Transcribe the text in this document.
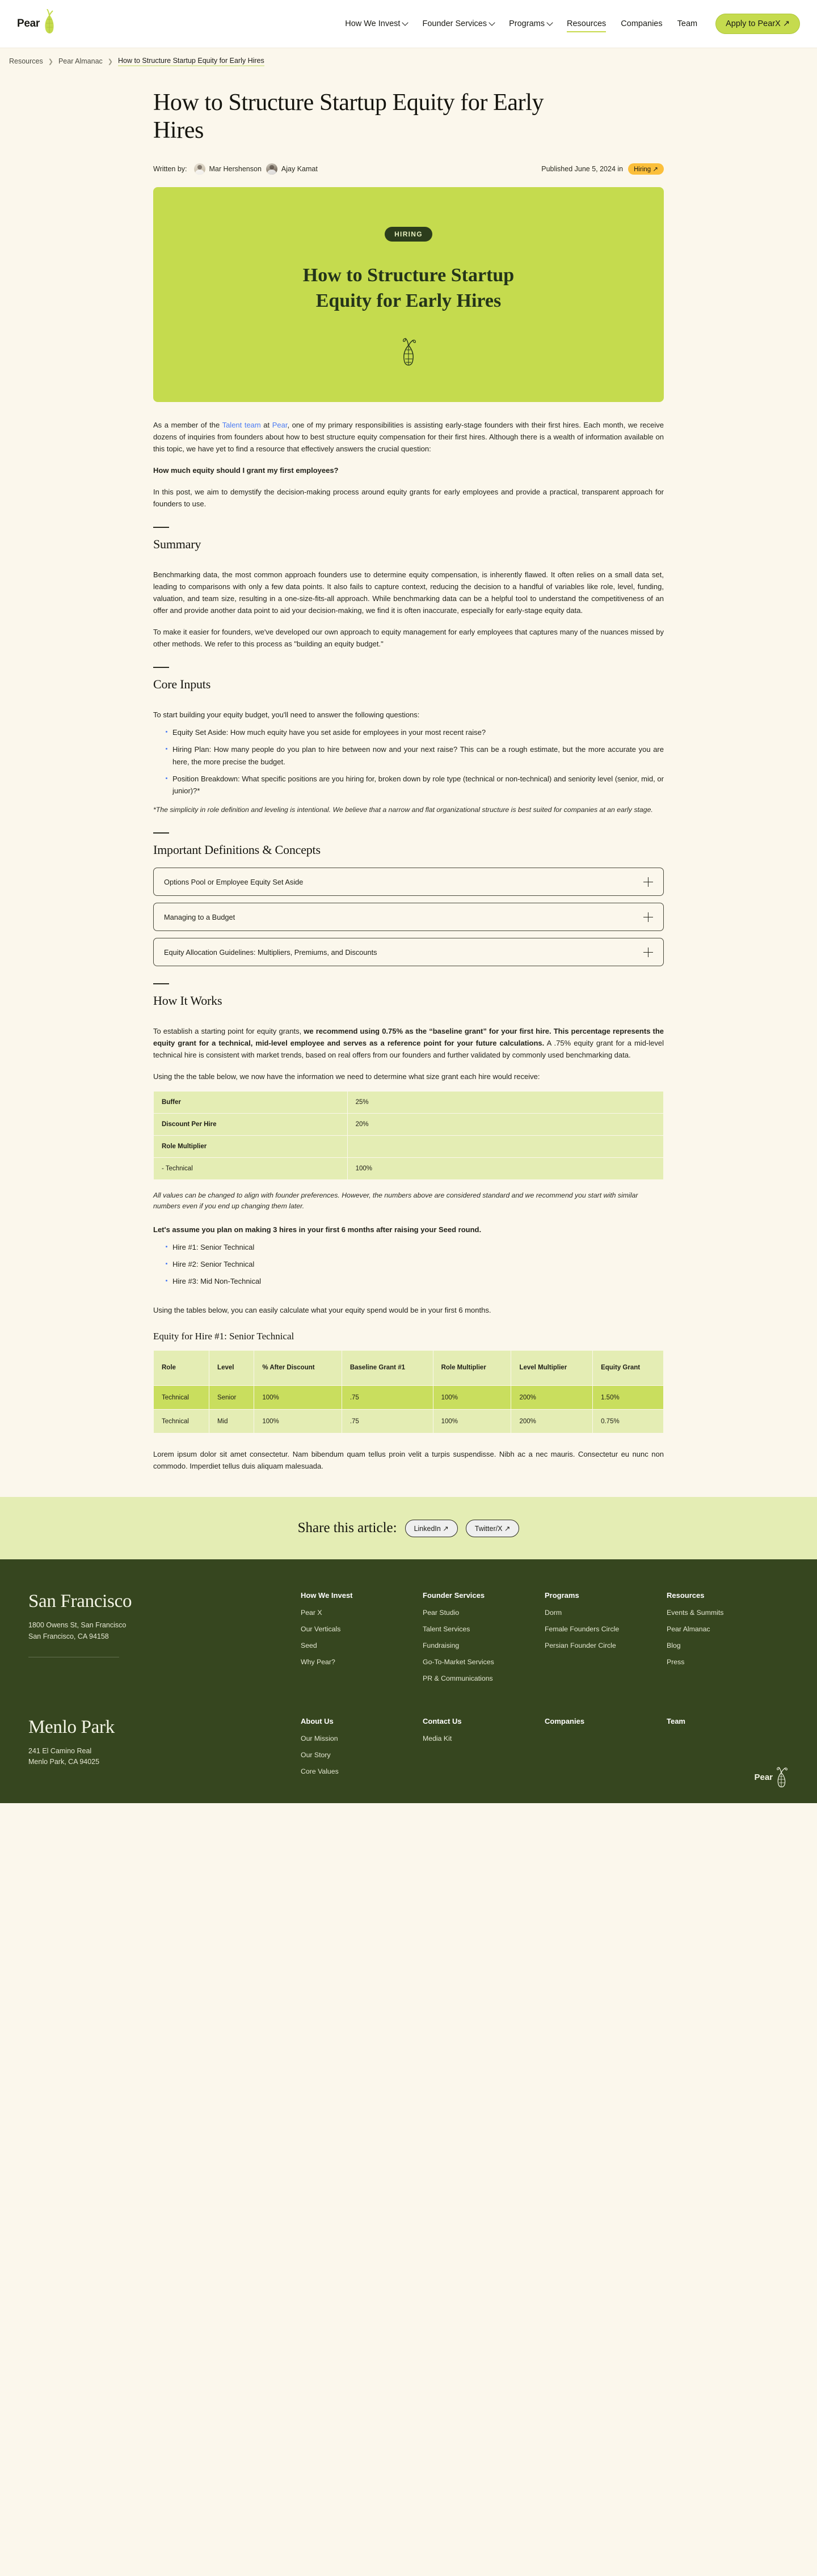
Pear	How We Invest	Founder Services	Programs	Resources Companies Team	Apply to PearX ↗
Resources ❯ Pear Almanac ❯ How to Structure Startup Equity for Early Hires
How to Structure Startup Equity for Early Hires
Written by:	Mar Hershenson	Ajay Kamat	Published June 5, 2024 in	Hiring ↗
HIRING
How to Structure Startup Equity for Early Hires

As a member of the Talent team at Pear, one of my primary responsibilities is assisting early-stage founders with their first hires. Each month, we receive dozens of inquiries from founders about how to best structure equity compensation for their first hires. Although there is a wealth of information available on this topic, we have yet to find a resource that effectively answers the crucial question:

How much equity should I grant my first employees?

In this post, we aim to demystify the decision-making process around equity grants for early employees and provide a practical, transparent approach for founders to use.

Summary

Benchmarking data, the most common approach founders use to determine equity compensation, is inherently flawed. It often relies on a small data set, leading to comparisons with only a few data points. It also fails to capture context, reducing the decision to a handful of variables like role, level, funding, valuation, and team size, resulting in a one-size-fits-all approach. While benchmarking data can be a helpful tool to understand the competitiveness of an offer and provide another data point to aid your decision-making, we find it is often inaccurate, especially for early-stage equity data.

To make it easier for founders, we've developed our own approach to equity management for early employees that captures many of the nuances missed by other methods. We refer to this process as "building an equity budget."

Core Inputs

To start building your equity budget, you'll need to answer the following questions:

Equity Set Aside: How much equity have you set aside for employees in your most recent raise?
Hiring Plan: How many people do you plan to hire between now and your next raise? This can be a rough estimate, but the more accurate you are here, the more precise the budget.
Position Breakdown: What specific positions are you hiring for, broken down by role type (technical or non-technical) and seniority level (senior, mid, or junior)?*

*The simplicity in role definition and leveling is intentional. We believe that a narrow and flat organizational structure is best suited for companies at an early stage.

Important Definitions & Concepts
Options Pool or Employee Equity Set Aside
Managing to a Budget
Equity Allocation Guidelines: Multipliers, Premiums, and Discounts
How It Works

To establish a starting point for equity grants, we recommend using 0.75% as the “baseline grant” for your first hire. This percentage represents the equity grant for a technical, mid-level employee and serves as a reference point for your future calculations. A .75% equity grant for a mid-level technical hire is consistent with market trends, based on real offers from our founders and further validated by commonly used benchmarking data.

Using the the table below, we now have the information we need to determine what size grant each hire would receive:

Buffer	25%
Discount Per Hire	20%
Role Multiplier	
- Technical	100%

All values can be changed to align with founder preferences. However, the numbers above are considered standard and we recommend you start with similar numbers even if you end up changing them later.

Let's assume you plan on making 3 hires in your first 6 months after raising your Seed round.

Hire #1: Senior Technical
Hire #2: Senior Technical
Hire #3: Mid Non-Technical

Using the tables below, you can easily calculate what your equity spend would be in your first 6 months.

Equity for Hire #1: Senior Technical
Role	Level	% After Discount	Baseline Grant #1	Role Multiplier	Level Multiplier	Equity Grant
Technical	Senior	100%	.75	100%	200%	1.50%
Technical	Mid	100%	.75	100%	200%	0.75%

Lorem ipsum dolor sit amet consectetur. Nam bibendum quam tellus proin velit a turpis suspendisse. Nibh ac a nec mauris. Consectetur eu nunc non commodo. Imperdiet tellus duis aliquam malesuada.

Share this article:	LinkedIn ↗	Twitter/X ↗
San Francisco
1800 Owens St, San Francisco
San Francisco, CA 94158
How We Invest
Pear X
Our Verticals
Seed
Why Pear?
Founder Services
Pear Studio
Talent Services
Fundraising
Go-To-Market Services
PR & Communications
Programs
Dorm
Female Founders Circle
Persian Founder Circle
Resources
Events & Summits
Pear Almanac
Blog
Press
Menlo Park
241 El Camino Real
Menlo Park, CA 94025
About Us
Our Mission
Our Story
Core Values
Contact Us
Media Kit
Companies	Team
Pear
